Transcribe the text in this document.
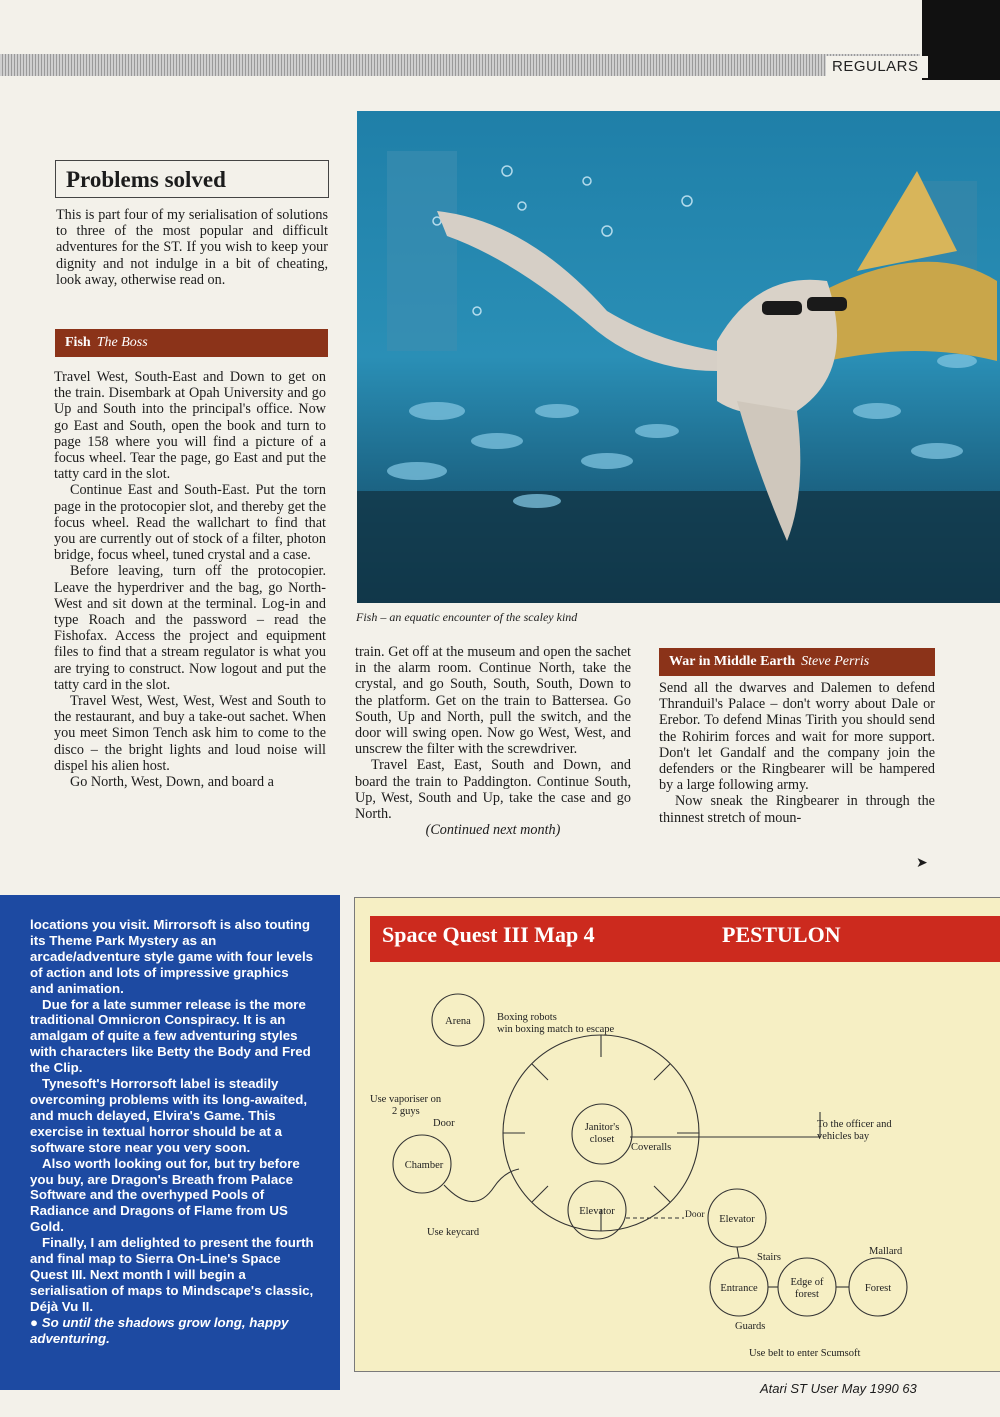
REGULARS
Problems solved

This is part four of my serialisation of solutions to three of the most popular and difficult adventures for the ST. If you wish to keep your dignity and not indulge in a bit of cheating, look away, otherwise read on.

Fish The Boss

Travel West, South-East and Down to get on the train. Disembark at Opah University and go Up and South into the principal's office. Now go East and South, open the book and turn to page 158 where you will find a picture of a focus wheel. Tear the page, go East and put the tatty card in the slot.

Continue East and South-East. Put the torn page in the protocopier slot, and thereby get the focus wheel. Read the wallchart to find that you are currently out of stock of a filter, photon bridge, focus wheel, tuned crystal and a case.

Before leaving, turn off the protocopier. Leave the hyperdriver and the bag, go North-West and sit down at the terminal. Log-in and type Roach and the password – read the Fishofax. Access the project and equipment files to find that a stream regulator is what you are trying to construct. Now logout and put the tatty card in the slot.

Travel West, West, West, West and South to the restaurant, and buy a take-out sachet. When you meet Simon Tench ask him to come to the disco – the bright lights and loud noise will dispel his alien host.

Go North, West, Down, and board a

Fish – an equatic encounter of the scaley kind

train. Get off at the museum and open the sachet in the alarm room. Continue North, take the crystal, and go South, South, South, Down to the platform. Get on the train to Battersea. Go South, Up and North, pull the switch, and the door will swing open. Now go West, West, and unscrew the filter with the screwdriver.

Travel East, East, South and Down, and board the train to Paddington. Continue South, Up, West, South and Up, take the case and go North.

(Continued next month)

War in Middle Earth Steve Perris

Send all the dwarves and Dalemen to defend Thranduil's Palace – don't worry about Dale or Erebor. To defend Minas Tirith you should send the Rohirim forces and wait for more support. Don't let Gandalf and the company join the defenders or the Ringbearer will be hampered by a large following army.

Now sneak the Ringbearer in through the thinnest stretch of moun-

➤

locations you visit. Mirrorsoft is also touting its Theme Park Mystery as an arcade/adventure style game with four levels of action and lots of impressive graphics and animation.

Due for a late summer release is the more traditional Omnicron Conspiracy. It is an amalgam of quite a few adventuring styles with characters like Betty the Body and Fred the Clip.

Tynesoft's Horrorsoft label is steadily overcoming problems with its long-awaited, and much delayed, Elvira's Game. This exercise in textual horror should be at a software store near you very soon.

Also worth looking out for, but try before you buy, are Dragon's Breath from Palace Software and the overhyped Pools of Radiance and Dragons of Flame from US Gold.

Finally, I am delighted to present the fourth and final map to Sierra On-Line's Space Quest III. Next month I will begin a serialisation of maps to Mindscape's classic, Déjà Vu II.

● So until the shadows grow long, happy adventuring.

Space Quest III Map 4	PESTULON
Arena
Janitor's
closet
Chamber
Elevator
Elevator
Entrance
Edge of
forest
Forest
Boxing robots
win boxing match to escape
Use vaporiser on
2 guys
Door
Coveralls
To the officer and
vehicles bay
Use keycard
Door
Stairs
Mallard
Guards
Use belt to enter Scumsoft
Atari ST User May 1990 63
